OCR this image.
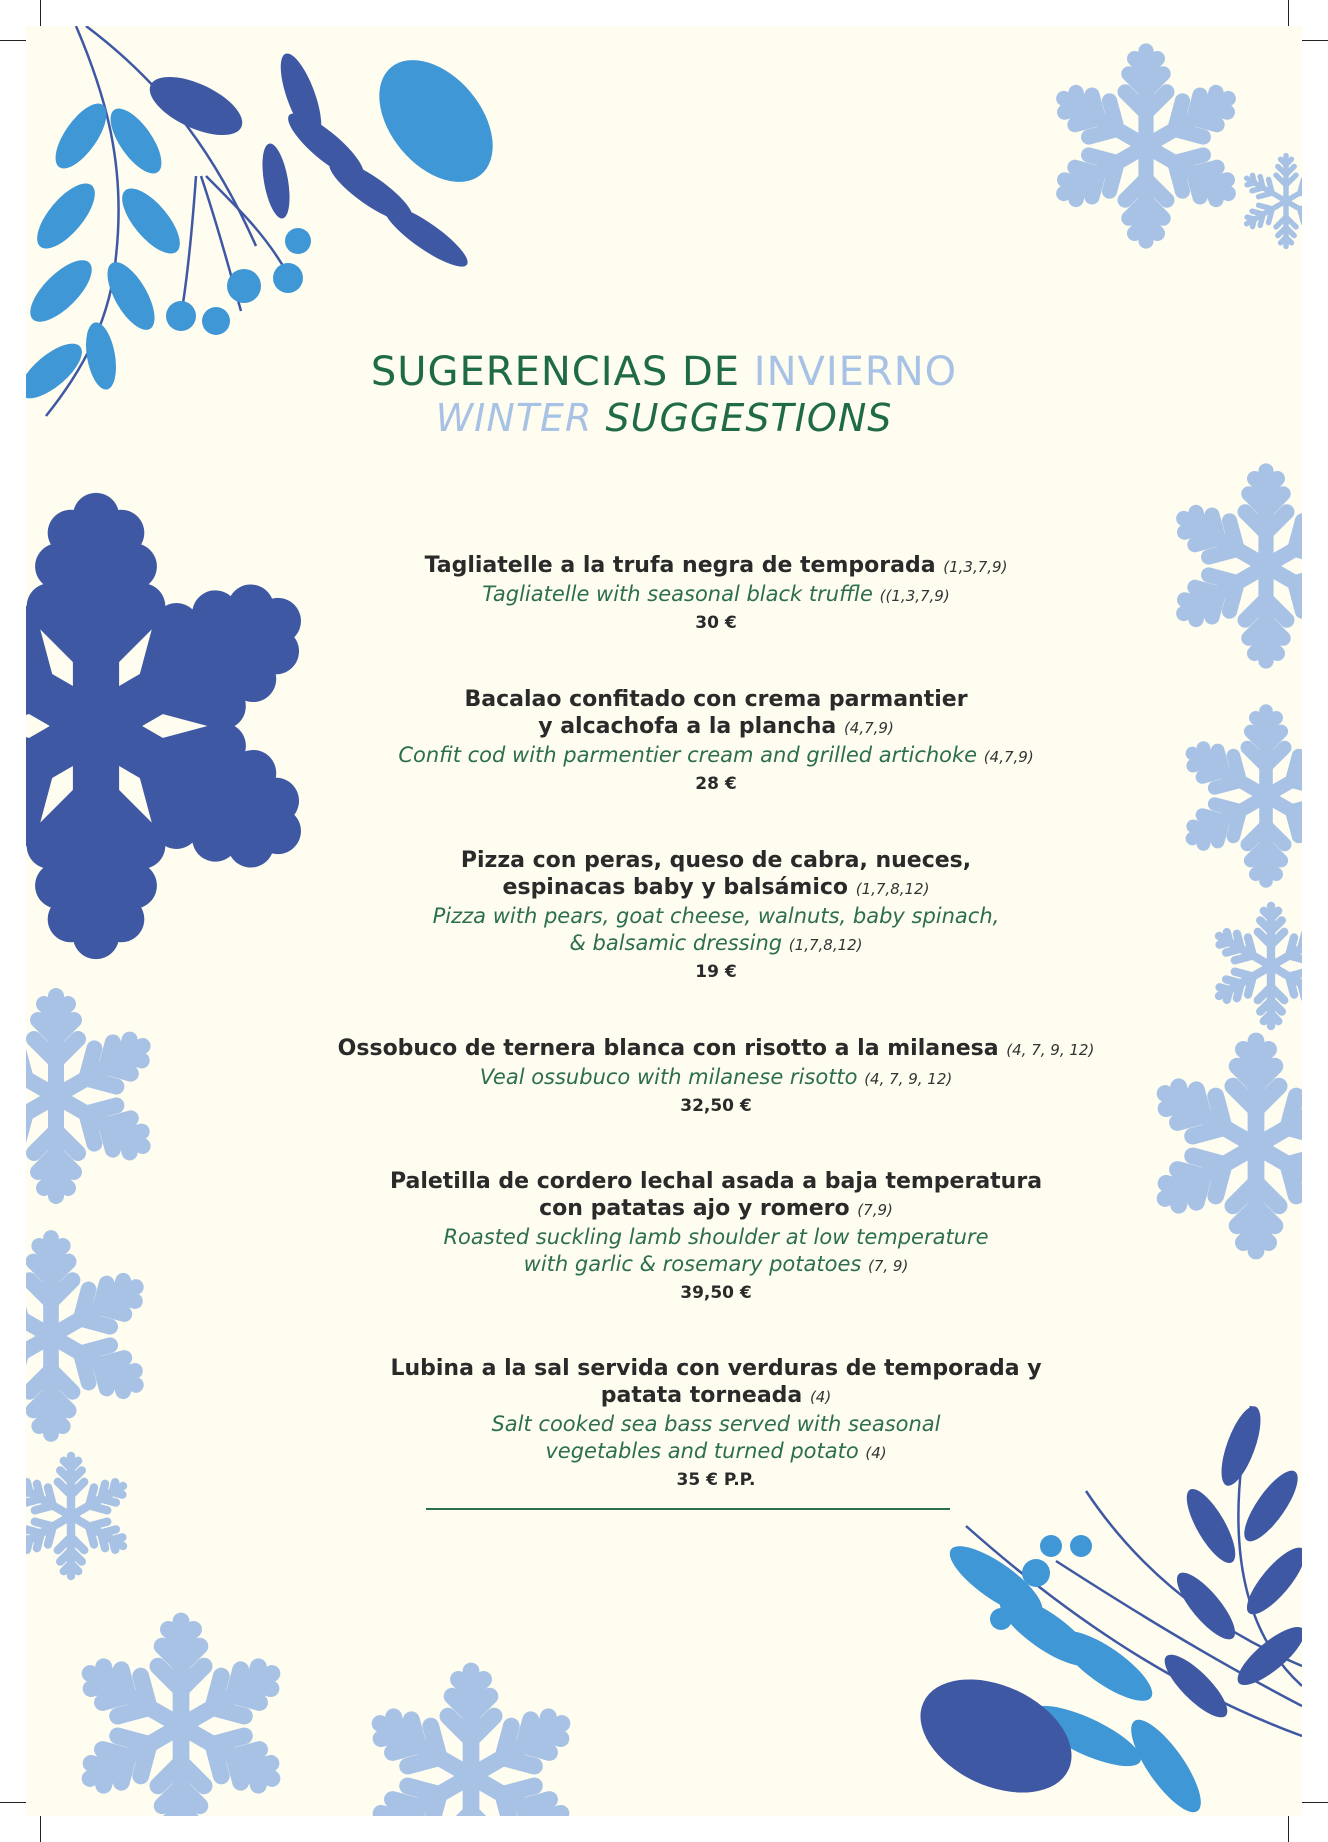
SUGERENCIAS DE INVIERNO
WINTER SUGGESTIONS
Tagliatelle a la trufa negra de temporada (1,3,7,9)
Tagliatelle with seasonal black truffle ((1,3,7,9)
30 €
Bacalao confitado con crema parmantier
y alcachofa a la plancha (4,7,9)
Confit cod with parmentier cream and grilled artichoke (4,7,9)
28 €
Pizza con peras, queso de cabra, nueces,
espinacas baby y balsámico (1,7,8,12)
Pizza with pears, goat cheese, walnuts, baby spinach,
& balsamic dressing (1,7,8,12)
19 €
Ossobuco de ternera blanca con risotto a la milanesa (4, 7, 9, 12)
Veal ossubuco with milanese risotto (4, 7, 9, 12)
32,50 €
Paletilla de cordero lechal asada a baja temperatura
con patatas ajo y romero (7,9)
Roasted suckling lamb shoulder at low temperature
with garlic & rosemary potatoes (7, 9)
39,50 €
Lubina a la sal servida con verduras de temporada y
patata torneada (4)
Salt cooked sea bass served with seasonal
vegetables and turned potato (4)
35 € P.P.
